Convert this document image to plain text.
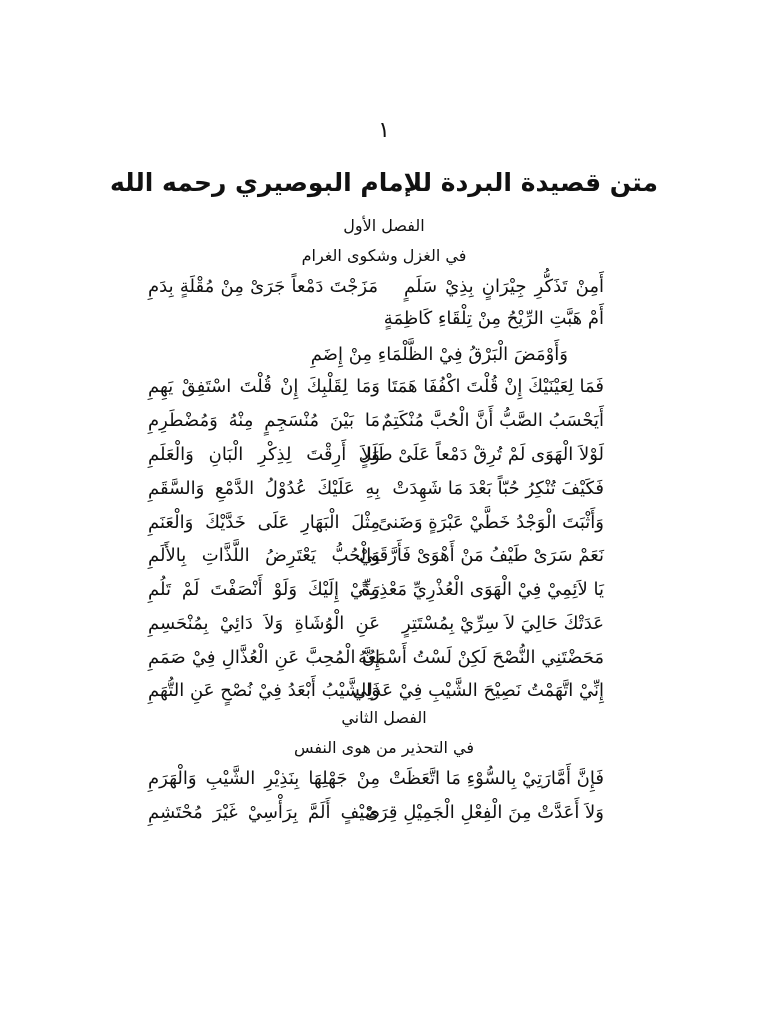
١
متن قصيدة البردة للإمام البوصيري رحمه الله
الفصل الأول
في الغزل وشكوى الغرام
أَمِنْ تَذَكُّرِ جِيْرَانٍ بِذِيْ سَلَمٍ
مَزَجْتَ دَمْعاً جَرَىْ مِنْ مُقْلَةٍ بِدَمِ
أَمْ هَبَّتِ الرِّيْحُ مِنْ تِلْقَاءِ كَاظِمَةٍ
وَأَوْمَضَ الْبَرْقُ فِيْ الظَّلْمَاءِ مِنْ إِضَمِ
فَمَا لِعَيْنَيْكَ إِنْ قُلْتَ اكْفُفَا هَمَتَا
وَمَا لِقَلْبِكَ إِنْ قُلْتَ اسْتَفِقْ يَهِمِ
أَيَحْسَبُ الصَّبُّ أَنَّ الْحُبَّ مُنْكَتِمٌ
مَا بَيْنَ مُنْسَجِمٍ مِنْهُ وَمُضْطَرِمِ
لَوْلاَ الْهَوَى لَمْ تُرِقْ دَمْعاً عَلَىْ طَلَلٍ
وَلاَ أَرِقْتَ لِذِكْرِ الْبَانِ وَالْعَلَمِ
فَكَيْفَ تُنْكِرُ حُبّاً بَعْدَ مَا شَهِدَتْ
بِهِ عَلَيْكَ عُدُوْلُ الدَّمْعِ وَالسَّقَمِ
وَأَثْبَتَ الْوَجْدُ خَطَّيْ عَبْرَةٍ وَضَنىً
مِثْلَ الْبَهَارِ عَلَى خَدَّيْكَ وَالْعَنَمِ
نَعَمْ سَرَىْ طَيْفُ مَنْ أَهْوَىْ فَأَرَّقَنِيْ
وَالْحُبُّ يَعْتَرِضُ اللَّذَّاتِ بِالأَلَمِ
يَا لاَئِمِيْ فِيْ الْهَوَى الْعُذْرِيِّ مَعْذِرَةً
مِنِّيْ إِلَيْكَ وَلَوْ أَنْصَفْتَ لَمْ تَلُمِ
عَدَتْكَ حَالِيَ لاَ سِرِّيْ بِمُسْتَتِرٍ
عَنِ الْوُشَاةِ وَلاَ دَائِيْ بِمُنْحَسِمِ
مَحَضْتَنِي النُّصْحَ لَكِنْ لَسْتُ أَسْمَعُهُ
إِنَّ الْمُحِبَّ عَنِ الْعُذَّالِ فِيْ صَمَمِ
إِنِّيْ اتَّهَمْتُ نَصِيْحَ الشَّيْبِ فِيْ عَذَلِي
وَالشَّيْبُ أَبْعَدُ فِيْ نُصْحٍ عَنِ التُّهَمِ
الفصل الثاني
في التحذير من هوى النفس
فَإِنَّ أَمَّارَتِيْ بِالسُّوْءِ مَا اتَّعَظَتْ
مِنْ جَهْلِهَا بِنَذِيْرِ الشَّيْبِ وَالْهَرَمِ
وَلاَ أَعَدَّتْ مِنَ الْفِعْلِ الْجَمِيْلِ قِرَىْ
ضَيْفٍ أَلَمَّ بِرَأْسِيْ غَيْرَ مُحْتَشِمِ
